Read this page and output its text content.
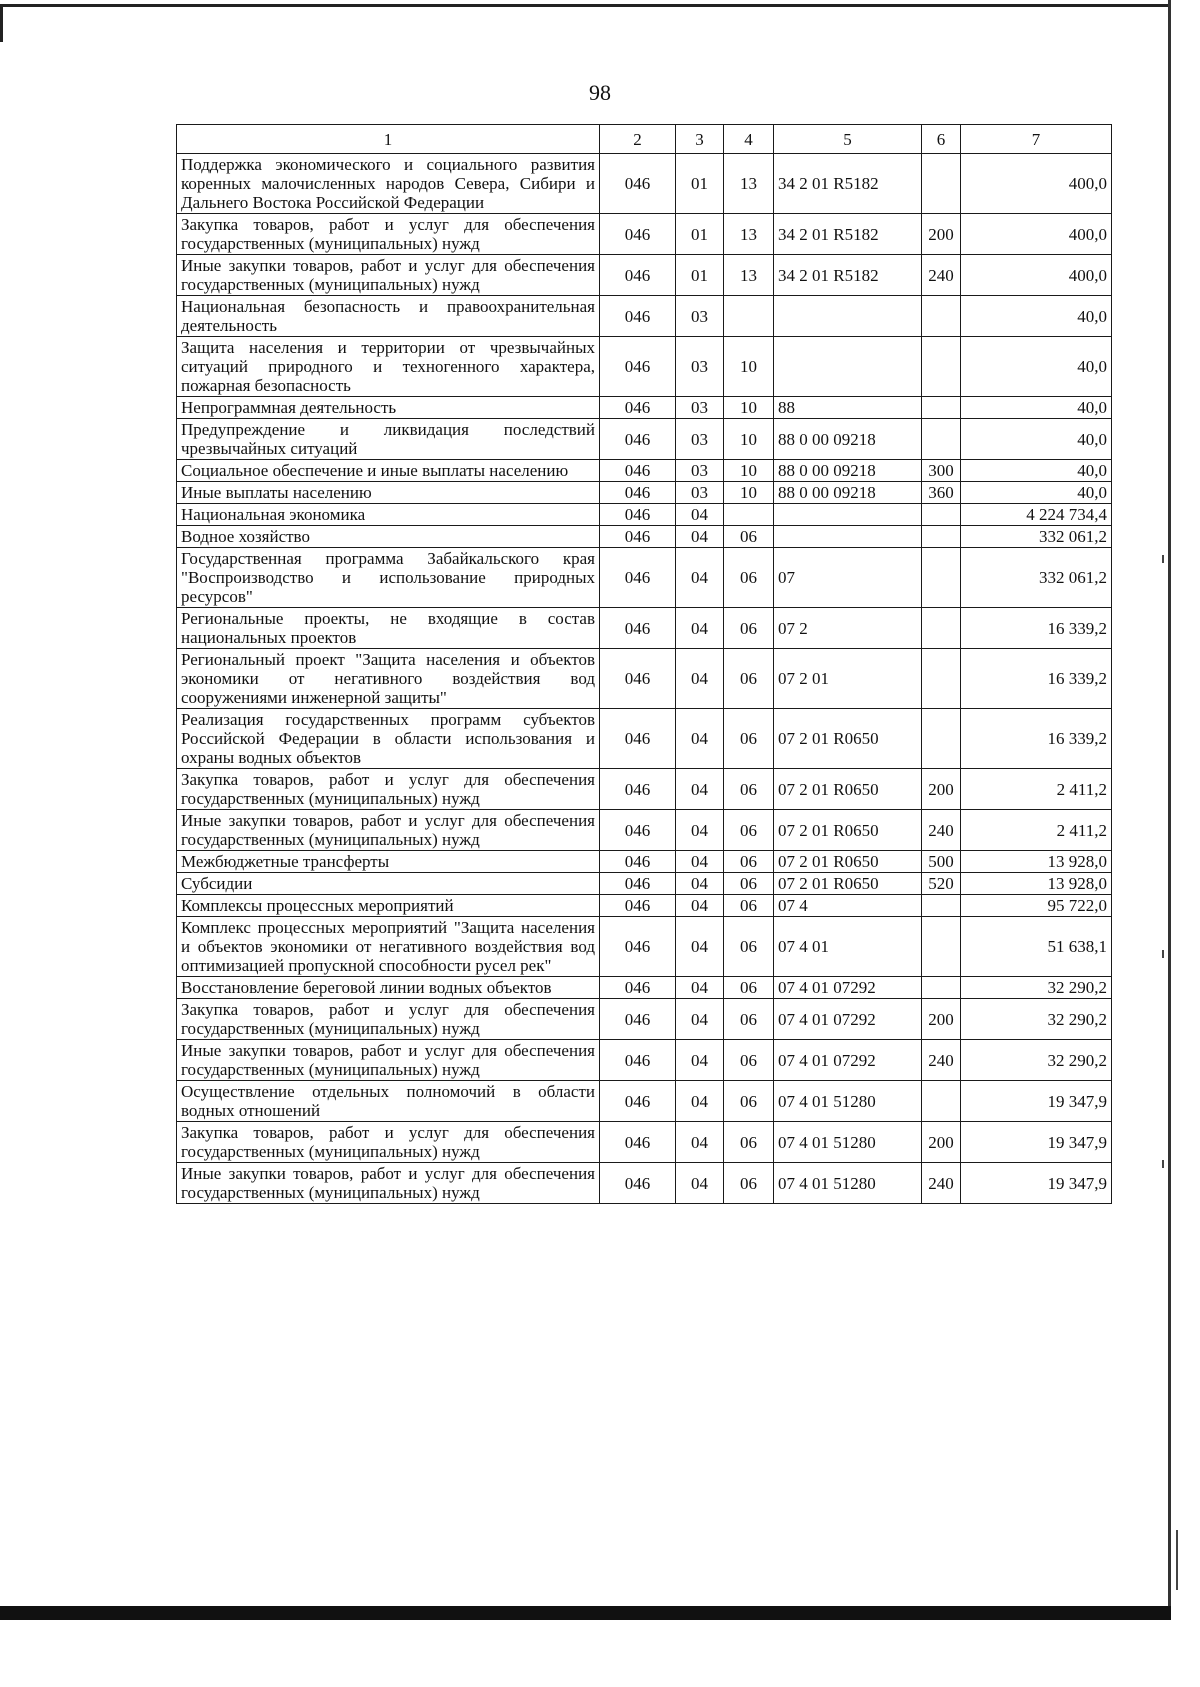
98
1	2	3	4	5	6	7
Поддержка экономического и социального развития коренных малочисленных народов Севера, Сибири и Дальнего Востока Российской Федерации	046	01	13	34 2 01 R5182		400,0
Закупка товаров, работ и услуг для обеспечения государственных (муниципальных) нужд	046	01	13	34 2 01 R5182	200	400,0
Иные закупки товаров, работ и услуг для обеспечения государственных (муниципальных) нужд	046	01	13	34 2 01 R5182	240	400,0
Национальная безопасность и правоохранительная деятельность	046	03				40,0
Защита населения и территории от чрезвычайных ситуаций природного и техногенного характера, пожарная безопасность	046	03	10			40,0
Непрограммная деятельность	046	03	10	88		40,0
Предупреждение и ликвидация последствий чрезвычайных ситуаций	046	03	10	88 0 00 09218		40,0
Социальное обеспечение и иные выплаты населению	046	03	10	88 0 00 09218	300	40,0
Иные выплаты населению	046	03	10	88 0 00 09218	360	40,0
Национальная экономика	046	04				4 224 734,4
Водное хозяйство	046	04	06			332 061,2
Государственная программа Забайкальского края "Воспроизводство и использование природных ресурсов"	046	04	06	07		332 061,2
Региональные проекты, не входящие в состав национальных проектов	046	04	06	07 2		16 339,2
Региональный проект "Защита населения и объектов экономики от негативного воздействия вод сооружениями инженерной защиты"	046	04	06	07 2 01		16 339,2
Реализация государственных программ субъектов Российской Федерации в области использования и охраны водных объектов	046	04	06	07 2 01 R0650		16 339,2
Закупка товаров, работ и услуг для обеспечения государственных (муниципальных) нужд	046	04	06	07 2 01 R0650	200	2 411,2
Иные закупки товаров, работ и услуг для обеспечения государственных (муниципальных) нужд	046	04	06	07 2 01 R0650	240	2 411,2
Межбюджетные трансферты	046	04	06	07 2 01 R0650	500	13 928,0
Субсидии	046	04	06	07 2 01 R0650	520	13 928,0
Комплексы процессных мероприятий	046	04	06	07 4		95 722,0
Комплекс процессных мероприятий "Защита населения и объектов экономики от негативного воздействия вод оптимизацией пропускной способности русел рек"	046	04	06	07 4 01		51 638,1
Восстановление береговой линии водных объектов	046	04	06	07 4 01 07292		32 290,2
Закупка товаров, работ и услуг для обеспечения государственных (муниципальных) нужд	046	04	06	07 4 01 07292	200	32 290,2
Иные закупки товаров, работ и услуг для обеспечения государственных (муниципальных) нужд	046	04	06	07 4 01 07292	240	32 290,2
Осуществление отдельных полномочий в области водных отношений	046	04	06	07 4 01 51280		19 347,9
Закупка товаров, работ и услуг для обеспечения государственных (муниципальных) нужд	046	04	06	07 4 01 51280	200	19 347,9
Иные закупки товаров, работ и услуг для обеспечения государственных (муниципальных) нужд	046	04	06	07 4 01 51280	240	19 347,9
